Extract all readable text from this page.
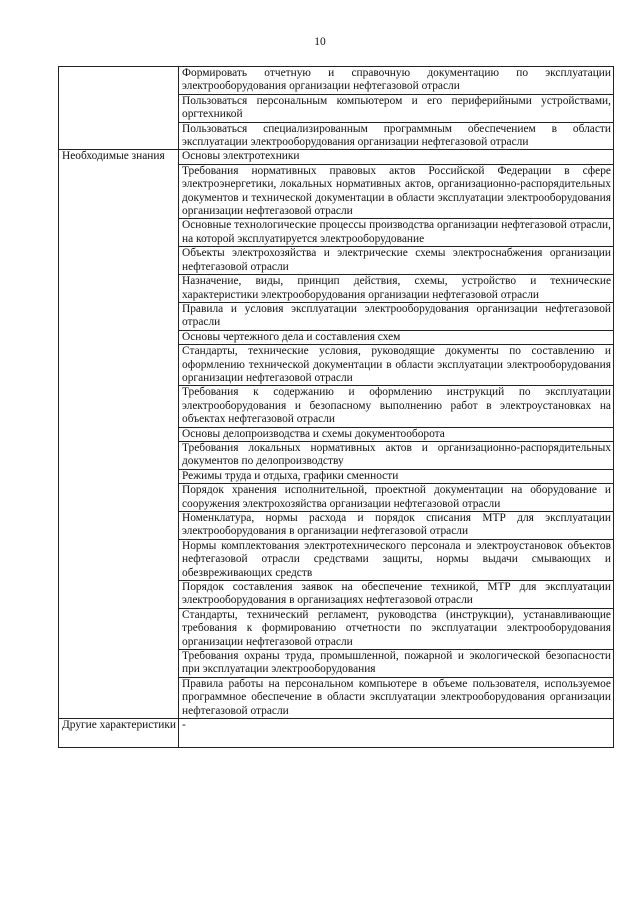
10
	Формировать отчетную и справочную документацию по эксплуатации электрооборудования организации нефтегазовой отрасли
	Пользоваться персональным компьютером и его периферийными устройствами, оргтехникой
	Пользоваться специализированным программным обеспечением в области эксплуатации электрооборудования организации нефтегазовой отрасли
Необходимые знания	Основы электротехники
	Требования нормативных правовых актов Российской Федерации в сфере электроэнергетики, локальных нормативных актов, организационно-распорядительных документов и технической документации в области эксплуатации электрооборудования организации нефтегазовой отрасли
	Основные технологические процессы производства организации нефтегазовой отрасли, на которой эксплуатируется электрооборудование
	Объекты электрохозяйства и электрические схемы электроснабжения организации нефтегазовой отрасли
	Назначение, виды, принцип действия, схемы, устройство и технические характеристики электрооборудования организации нефтегазовой отрасли
	Правила и условия эксплуатации электрооборудования организации нефтегазовой отрасли
	Основы чертежного дела и составления схем
	Стандарты, технические условия, руководящие документы по составлению и оформлению технической документации в области эксплуатации электрооборудования организации нефтегазовой отрасли
	Требования к содержанию и оформлению инструкций по эксплуатации электрооборудования и безопасному выполнению работ в электроустановках на объектах нефтегазовой отрасли
	Основы делопроизводства и схемы документооборота
	Требования локальных нормативных актов и организационно-распорядительных документов по делопроизводству
	Режимы труда и отдыха, графики сменности
	Порядок хранения исполнительной, проектной документации на оборудование и сооружения электрохозяйства организации нефтегазовой отрасли
	Номенклатура, нормы расхода и порядок списания МТР для эксплуатации электрооборудования в организации нефтегазовой отрасли
	Нормы комплектования электротехнического персонала и электроустановок объектов нефтегазовой отрасли средствами защиты, нормы выдачи смывающих и обезвреживающих средств
	Порядок составления заявок на обеспечение техникой, МТР для эксплуатации электрооборудования в организациях нефтегазовой отрасли
	Стандарты, технический регламент, руководства (инструкции), устанавливающие требования к формированию отчетности по эксплуатации электрооборудования организации нефтегазовой отрасли
	Требования охраны труда, промышленной, пожарной и экологической безопасности при эксплуатации электрооборудования
	Правила работы на персональном компьютере в объеме пользователя, используемое программное обеспечение в области эксплуатации электрооборудования организации нефтегазовой отрасли
Другие характеристики	-
